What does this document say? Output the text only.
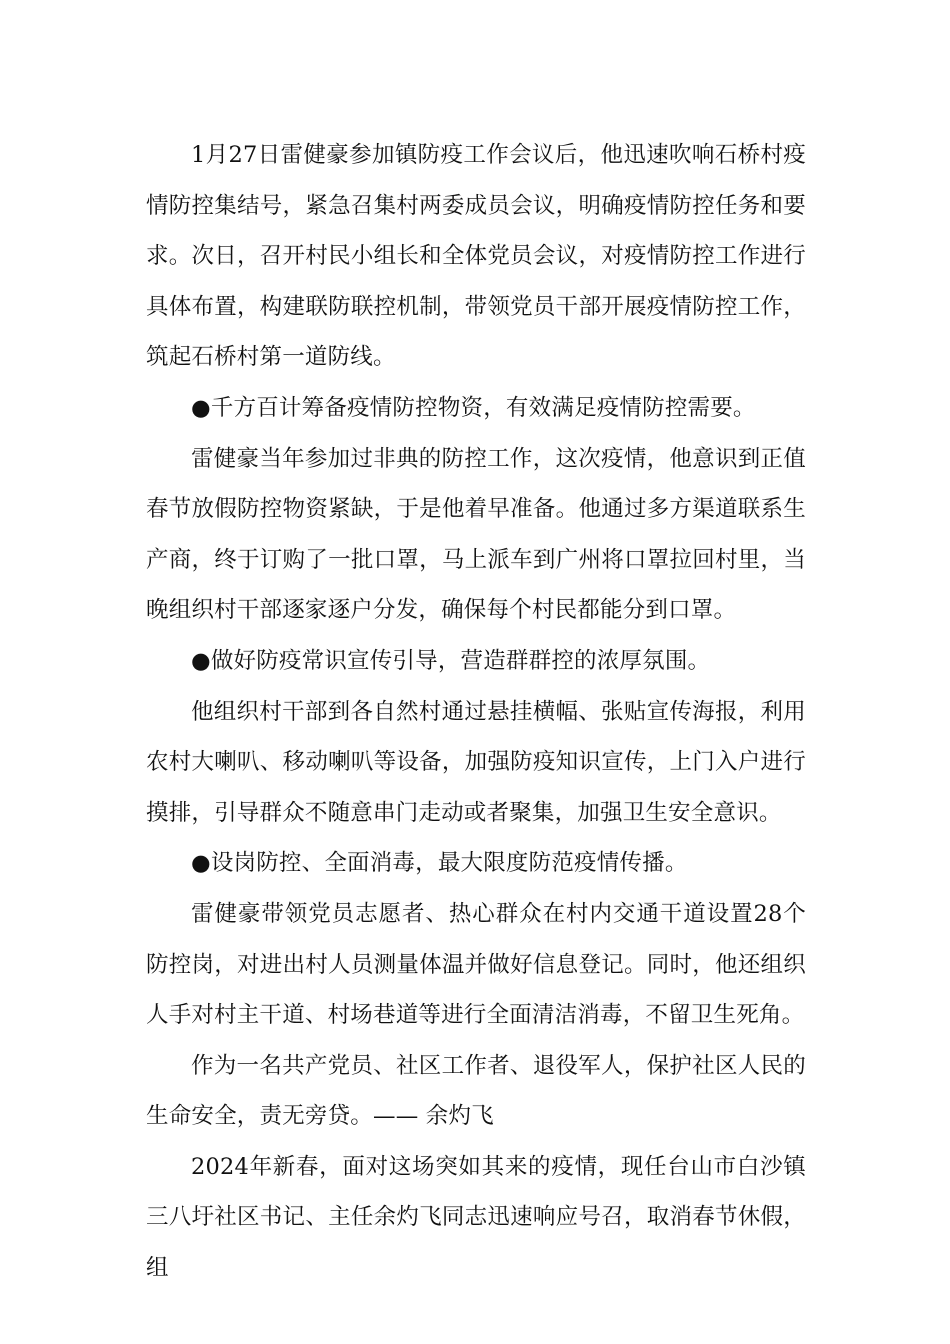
1月27日雷健豪参加镇防疫工作会议后，他迅速吹响石桥村疫情防控集结号，紧急召集村两委成员会议，明确疫情防控任务和要求。次日，召开村民小组长和全体党员会议，对疫情防控工作进行具体布置，构建联防联控机制，带领党员干部开展疫情防控工作，筑起石桥村第一道防线。

●千方百计筹备疫情防控物资，有效满足疫情防控需要。

雷健豪当年参加过非典的防控工作，这次疫情，他意识到正值春节放假防控物资紧缺，于是他着早准备。他通过多方渠道联系生产商，终于订购了一批口罩，马上派车到广州将口罩拉回村里，当晚组织村干部逐家逐户分发，确保每个村民都能分到口罩。

●做好防疫常识宣传引导，营造群群控的浓厚氛围。

他组织村干部到各自然村通过悬挂横幅、张贴宣传海报，利用农村大喇叭、移动喇叭等设备，加强防疫知识宣传，上门入户进行摸排，引导群众不随意串门走动或者聚集，加强卫生安全意识。

●设岗防控、全面消毒，最大限度防范疫情传播。

雷健豪带领党员志愿者、热心群众在村内交通干道设置28个防控岗，对进出村人员测量体温并做好信息登记。同时，他还组织人手对村主干道、村场巷道等进行全面清洁消毒，不留卫生死角。

作为一名共产党员、社区工作者、退役军人，保护社区人民的生命安全，责无旁贷。—— 余灼飞

2024年新春，面对这场突如其来的疫情，现任台山市白沙镇三八圩社区书记、主任余灼飞同志迅速响应号召，取消春节休假，组
